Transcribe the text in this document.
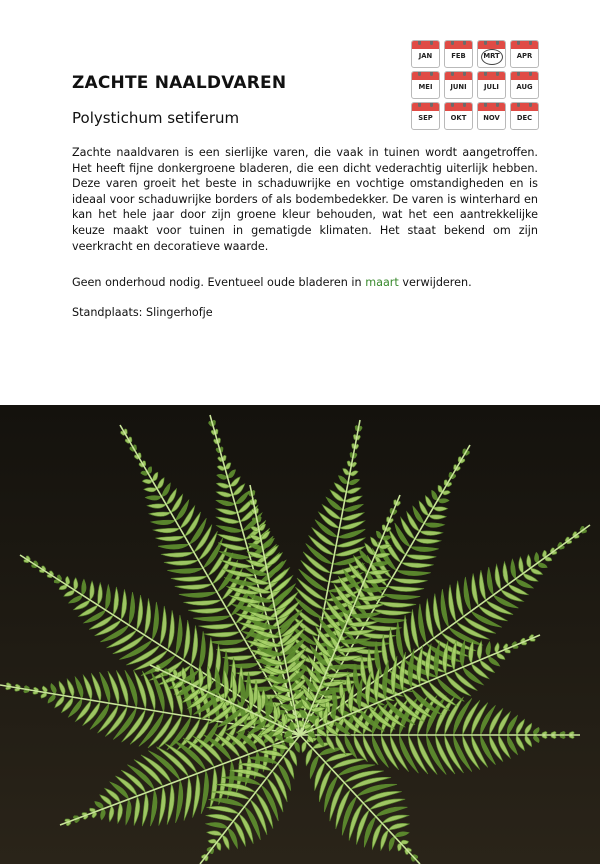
ZACHTE NAALDVAREN
Polystichum setiferum
JAN	FEB	MRT	APR
MEI	JUNI	JULI	AUG
SEP	OKT	NOV	DEC
Zachte naaldvaren is een sierlijke varen, die vaak in tuinen wordt aangetroffen. Het heeft fijne donkergroene bladeren, die een dicht vederachtig uiterlijk hebben. Deze varen groeit het beste in schaduwrijke en vochtige omstandigheden en is ideaal voor schaduwrijke borders of als bodembedekker. De varen is winterhard en kan het hele jaar door zijn groene kleur behouden, wat het een aantrekkelijke keuze maakt voor tuinen in gematigde klimaten. Het staat bekend om zijn veerkracht en decoratieve waarde.
Geen onderhoud nodig. Eventueel oude bladeren in maart verwijderen.
Standplaats: Slingerhofje
